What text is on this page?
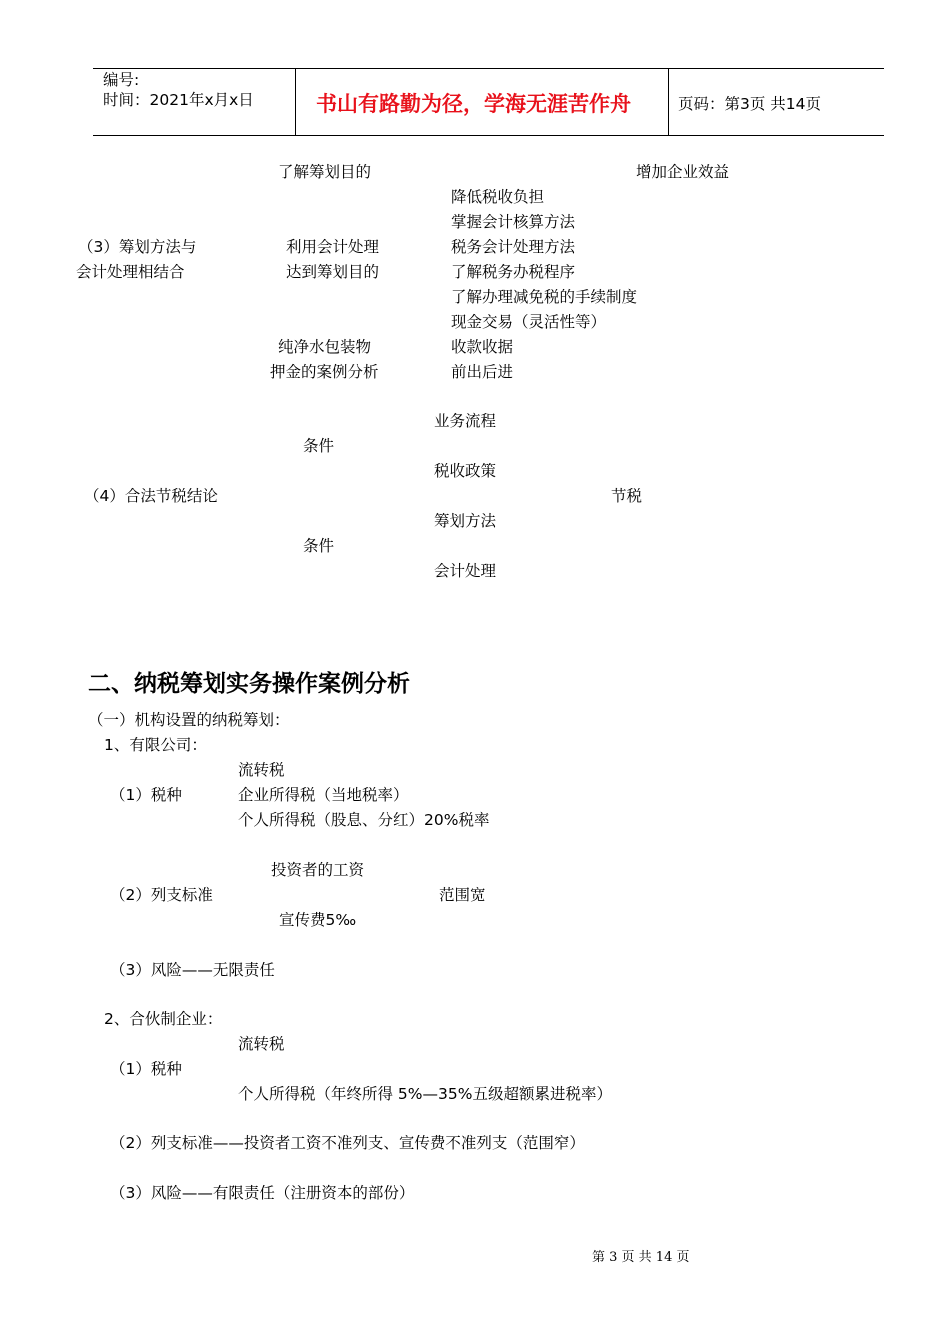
编号:
时间：2021年x月x日	书山有路勤为径，学海无涯苦作舟	页码：第3页 共14页
了解筹划目的	增加企业效益
降低税收负担
掌握会计核算方法
（3）筹划方法与	利用会计处理	税务会计处理方法
会计处理相结合	达到筹划目的	了解税务办税程序
了解办理减免税的手续制度
现金交易（灵活性等）
纯净水包装物	收款收据
押金的案例分析	前出后进
业务流程
条件
税收政策
（4）合法节税结论	节税
筹划方法
条件
会计处理
二、纳税筹划实务操作案例分析
（一）机构设置的纳税筹划：
1、有限公司：
流转税
（1）税种	企业所得税（当地税率）
个人所得税（股息、分红）20%税率
投资者的工资
（2）列支标准	范围宽
宣传费5‰
（3）风险——无限责任
2、合伙制企业：
流转税
（1）税种
个人所得税（年终所得 5%—35%五级超额累进税率）
（2）列支标准——投资者工资不准列支、宣传费不准列支（范围窄）
（3）风险——有限责任（注册资本的部份）
第 3 页 共 14 页
